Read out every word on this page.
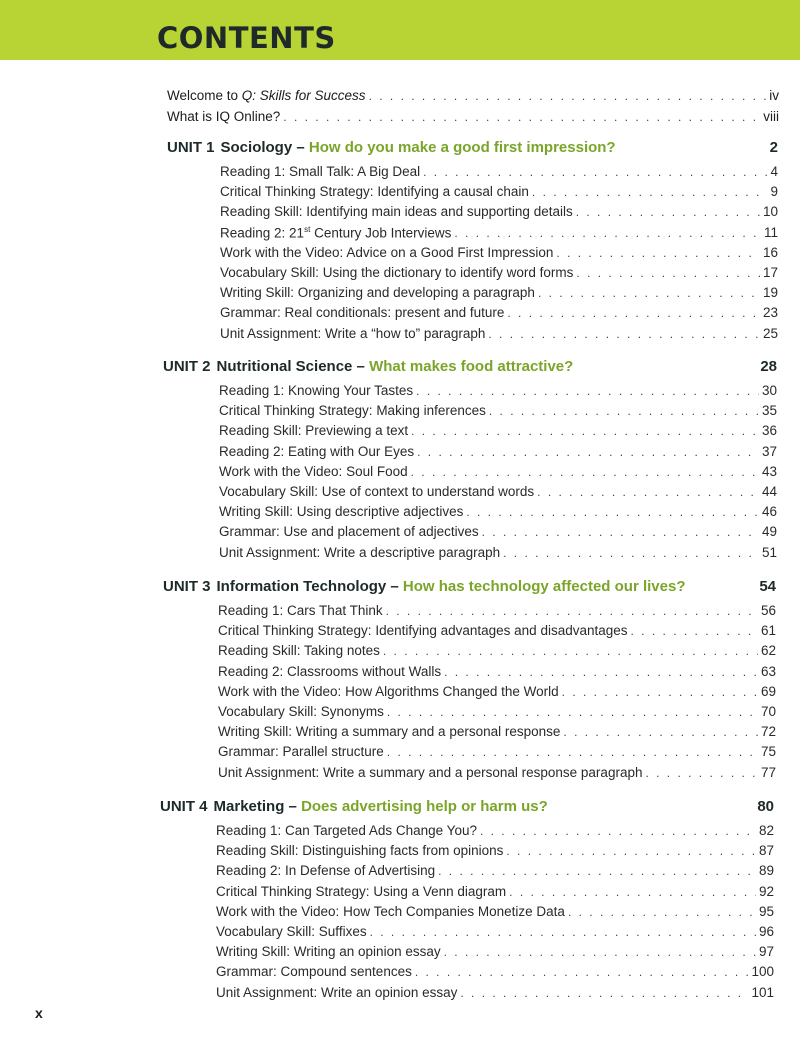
CONTENTS
Welcome to Q: Skills for Success . . .	iv
What is IQ Online? . . .	viii
UNIT 1 Sociology – How do you make a good first impression?	2
Reading 1: Small Talk: A Big Deal . . .	4
Critical Thinking Strategy: Identifying a causal chain . . .	9
Reading Skill: Identifying main ideas and supporting details . . .	10
Reading 2: 21st Century Job Interviews . . .	11
Work with the Video: Advice on a Good First Impression . . .	16
Vocabulary Skill: Using the dictionary to identify word forms . . .	17
Writing Skill: Organizing and developing a paragraph . . .	19
Grammar: Real conditionals: present and future . . .	23
Unit Assignment: Write a “how to” paragraph . . .	25
UNIT 2 Nutritional Science – What makes food attractive?	28
Reading 1: Knowing Your Tastes . . .	30
Critical Thinking Strategy: Making inferences . . .	35
Reading Skill: Previewing a text . . .	36
Reading 2: Eating with Our Eyes . . .	37
Work with the Video: Soul Food . . .	43
Vocabulary Skill: Use of context to understand words . . .	44
Writing Skill: Using descriptive adjectives . . .	46
Grammar: Use and placement of adjectives . . .	49
Unit Assignment: Write a descriptive paragraph . . .	51
UNIT 3 Information Technology – How has technology affected our lives?	54
Reading 1: Cars That Think . . .	56
Critical Thinking Strategy: Identifying advantages and disadvantages . . .	61
Reading Skill: Taking notes . . .	62
Reading 2: Classrooms without Walls . . .	63
Work with the Video: How Algorithms Changed the World . . .	69
Vocabulary Skill: Synonyms . . .	70
Writing Skill: Writing a summary and a personal response . . .	72
Grammar: Parallel structure . . .	75
Unit Assignment: Write a summary and a personal response paragraph . . .	77
UNIT 4 Marketing – Does advertising help or harm us?	80
Reading 1: Can Targeted Ads Change You? . . .	82
Reading Skill: Distinguishing facts from opinions . . .	87
Reading 2: In Defense of Advertising . . .	89
Critical Thinking Strategy: Using a Venn diagram . . .	92
Work with the Video: How Tech Companies Monetize Data . . .	95
Vocabulary Skill: Suffixes . . .	96
Writing Skill: Writing an opinion essay . . .	97
Grammar: Compound sentences . . .	100
Unit Assignment: Write an opinion essay . . .	101
x
